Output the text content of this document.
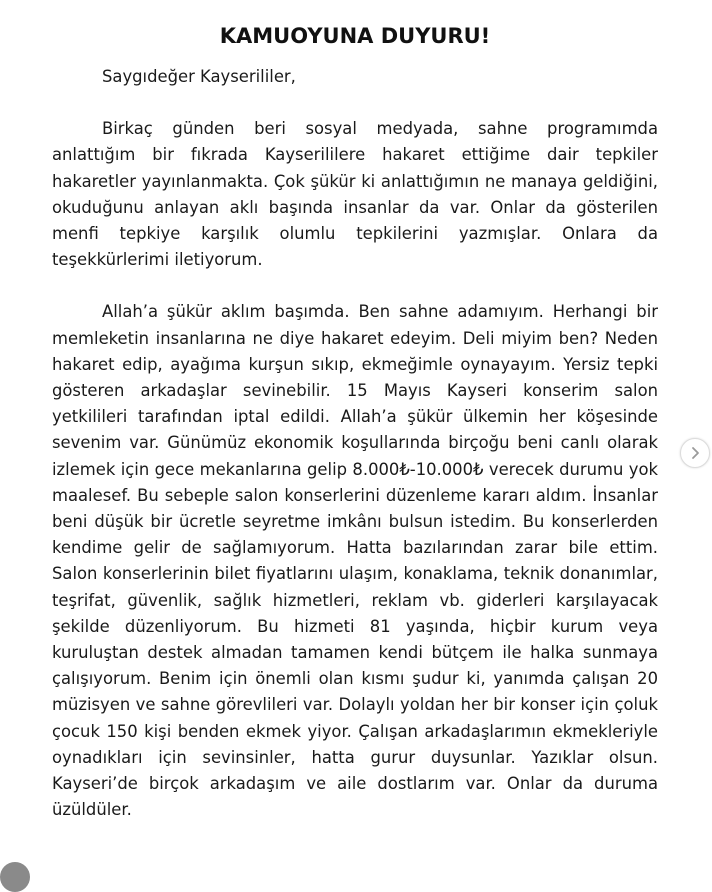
KAMUOYUNA DUYURU!

Saygıdeğer Kayserililer,

Birkaç günden beri sosyal medyada, sahne programımda anlattığım bir fıkrada Kayserililere hakaret ettiğime dair tepkiler hakaretler yayınlanmakta. Çok şükür ki anlattığımın ne manaya geldiğini, okuduğunu anlayan aklı başında insanlar da var. Onlar da gösterilen menfi tepkiye karşılık olumlu tepkilerini yazmışlar. Onlara da teşekkürlerimi iletiyorum.

Allah’a şükür aklım başımda. Ben sahne adamıyım. Herhangi bir memleketin insanlarına ne diye hakaret edeyim. Deli miyim ben? Neden hakaret edip, ayağıma kurşun sıkıp, ekmeğimle oynayayım. Yersiz tepki gösteren arkadaşlar sevinebilir. 15 Mayıs Kayseri konserim salon yetkilileri tarafından iptal edildi. Allah’a şükür ülkemin her köşesinde sevenim var. Günümüz ekonomik koşullarında birçoğu beni canlı olarak izlemek için gece mekanlarına gelip 8.000₺-10.000₺ verecek durumu yok maalesef. Bu sebeple salon konserlerini düzenleme kararı aldım. İnsanlar beni düşük bir ücretle seyretme imkânı bulsun istedim. Bu konserlerden kendime gelir de sağlamıyorum. Hatta bazılarından zarar bile ettim. Salon konserlerinin bilet fiyatlarını ulaşım, konaklama, teknik donanımlar, teşrifat, güvenlik, sağlık hizmetleri, reklam vb. giderleri karşılayacak şekilde düzenliyorum. Bu hizmeti 81 yaşında, hiçbir kurum veya kuruluştan destek almadan tamamen kendi bütçem ile halka sunmaya çalışıyorum. Benim için önemli olan kısmı şudur ki, yanımda çalışan 20 müzisyen ve sahne görevlileri var. Dolaylı yoldan her bir konser için çoluk çocuk 150 kişi benden ekmek yiyor. Çalışan arkadaşlarımın ekmekleriyle oynadıkları için sevinsinler, hatta gurur duysunlar. Yazıklar olsun. Kayseri’de birçok arkadaşım ve aile dostlarım var. Onlar da duruma üzüldüler.
